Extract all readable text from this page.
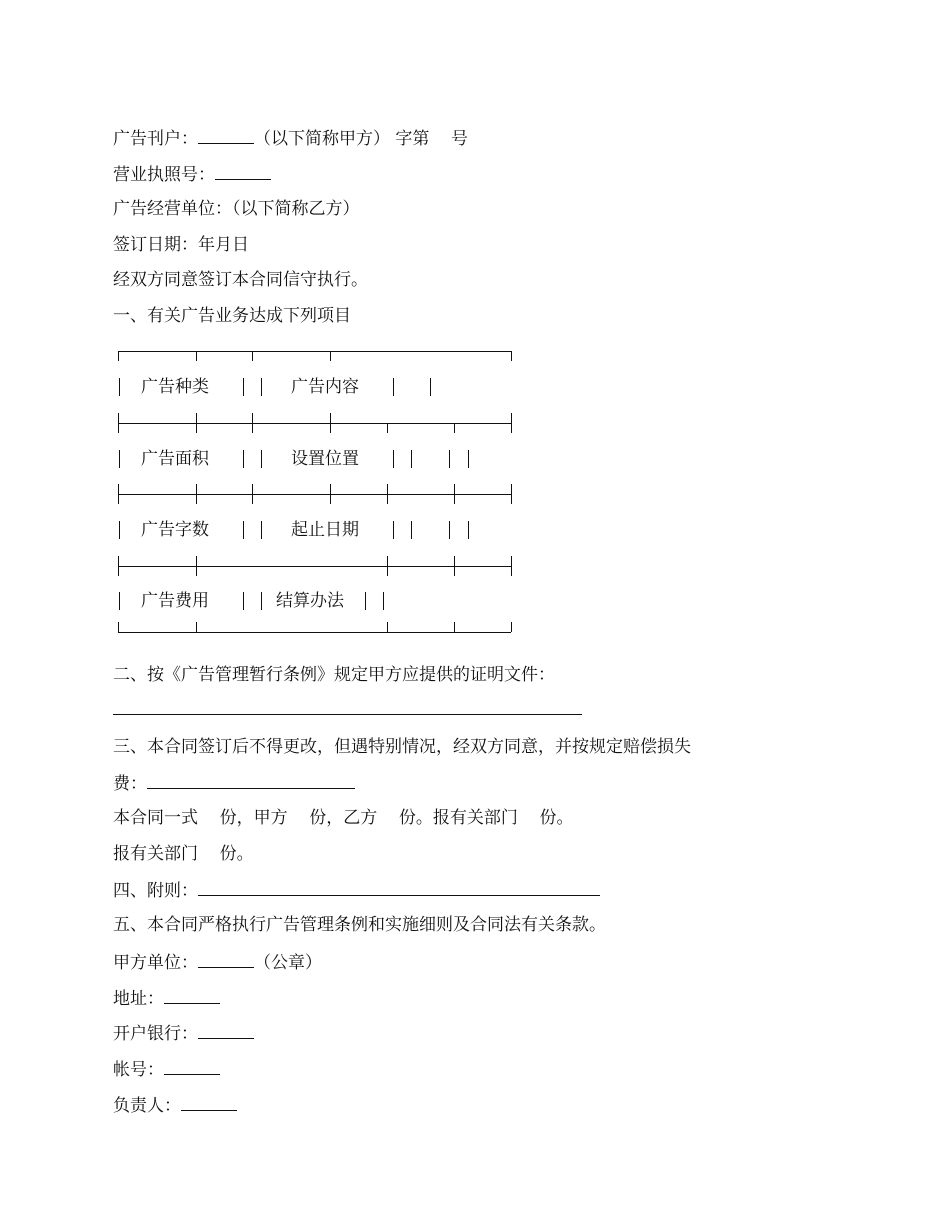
广告刊户：	（以下简称甲方） 字第    号
营业执照号：
广告经营单位：（以下简称乙方）
签订日期：年月日
经双方同意签订本合同信守执行。
一、有关广告业务达成下列项目
广告种类	广告内容
广告面积	设置位置
广告字数	起止日期
广告费用	结算办法
二、按《广告管理暂行条例》规定甲方应提供的证明文件：
三、本合同签订后不得更改，但遇特别情况，经双方同意，并按规定赔偿损失
费：
本合同一式    份，甲方    份，乙方    份。报有关部门    份。
报有关部门    份。
四、附则：
五、本合同严格执行广告管理条例和实施细则及合同法有关条款。
甲方单位：	（公章）
地址：
开户银行：
帐号：
负责人：
